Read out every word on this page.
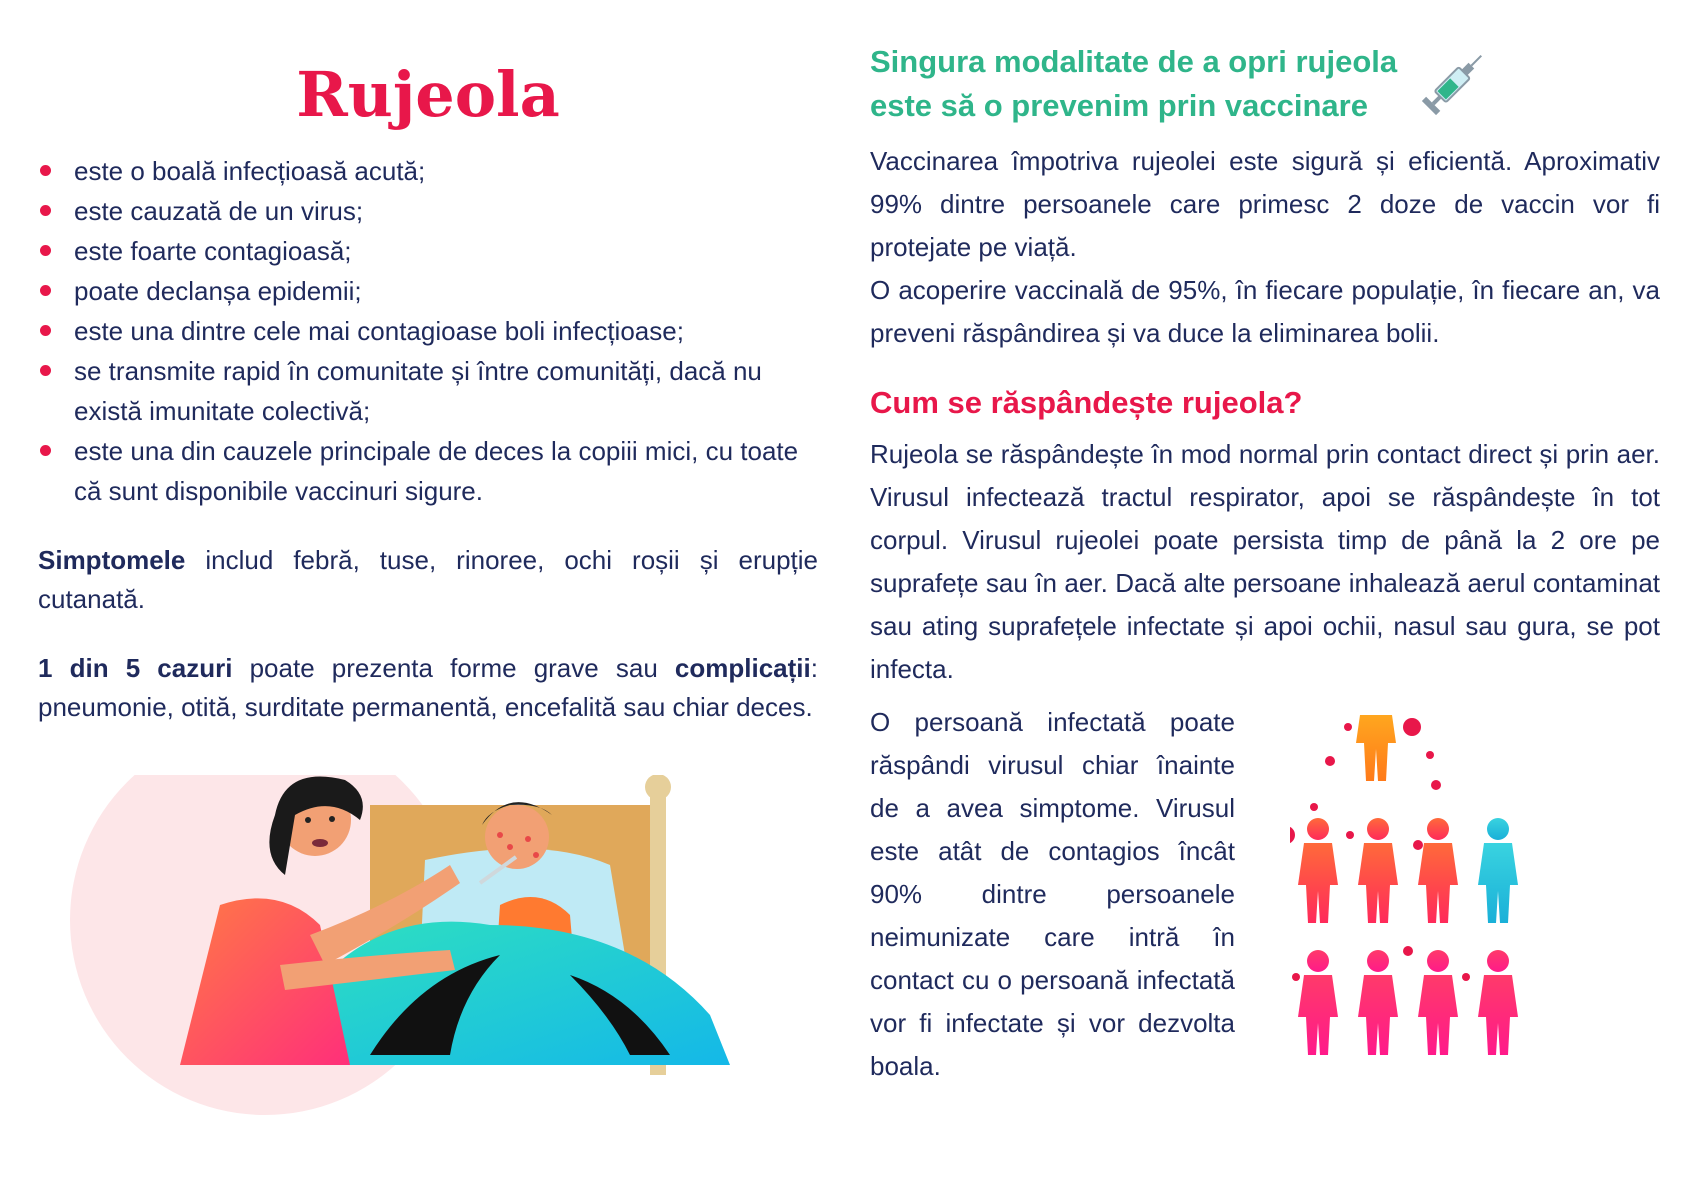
Rujeola
este o boală infecțioasă acută;
este cauzată de un virus;
este foarte contagioasă;
poate declanșa epidemii;
este una dintre cele mai contagioase boli infecțioase;
se transmite rapid în comunitate și între comunități, dacă nu există imunitate colectivă;
este una din cauzele principale de deces la copiii mici, cu toate că sunt disponibile vaccinuri sigure.

Simptomele includ febră, tuse, rinoree, ochi roșii și erupție cutanată.

1 din 5 cazuri poate prezenta forme grave sau complicații: pneumonie, otită, surditate permanentă, encefalită sau chiar deces.

Singura modalitate de a opri rujeola
este să o prevenim prin vaccinare

Vaccinarea împotriva rujeolei este sigură și eficientă. Aproximativ 99% dintre persoanele care primesc 2 doze de vaccin vor fi protejate pe viață.

O acoperire vaccinală de 95%, în fiecare populație, în fiecare an, va preveni răspândirea și va duce la eliminarea bolii.

Cum se răspândește rujeola?
Rujeola se răspândește în mod normal prin contact direct și prin aer. Virusul infectează tractul respirator, apoi se răspândește în tot corpul. Virusul rujeolei poate persista timp de până la 2 ore pe suprafețe sau în aer. Dacă alte persoane inhalează aerul contaminat sau ating suprafețele infectate și apoi ochii, nasul sau gura, se pot infecta.
O persoană infectată poate răspândi virusul chiar înainte de a avea simptome. Virusul este atât de contagios încât 90% dintre persoanele neimunizate care intră în contact cu o persoană infectată vor fi infectate și vor dezvolta boala.
